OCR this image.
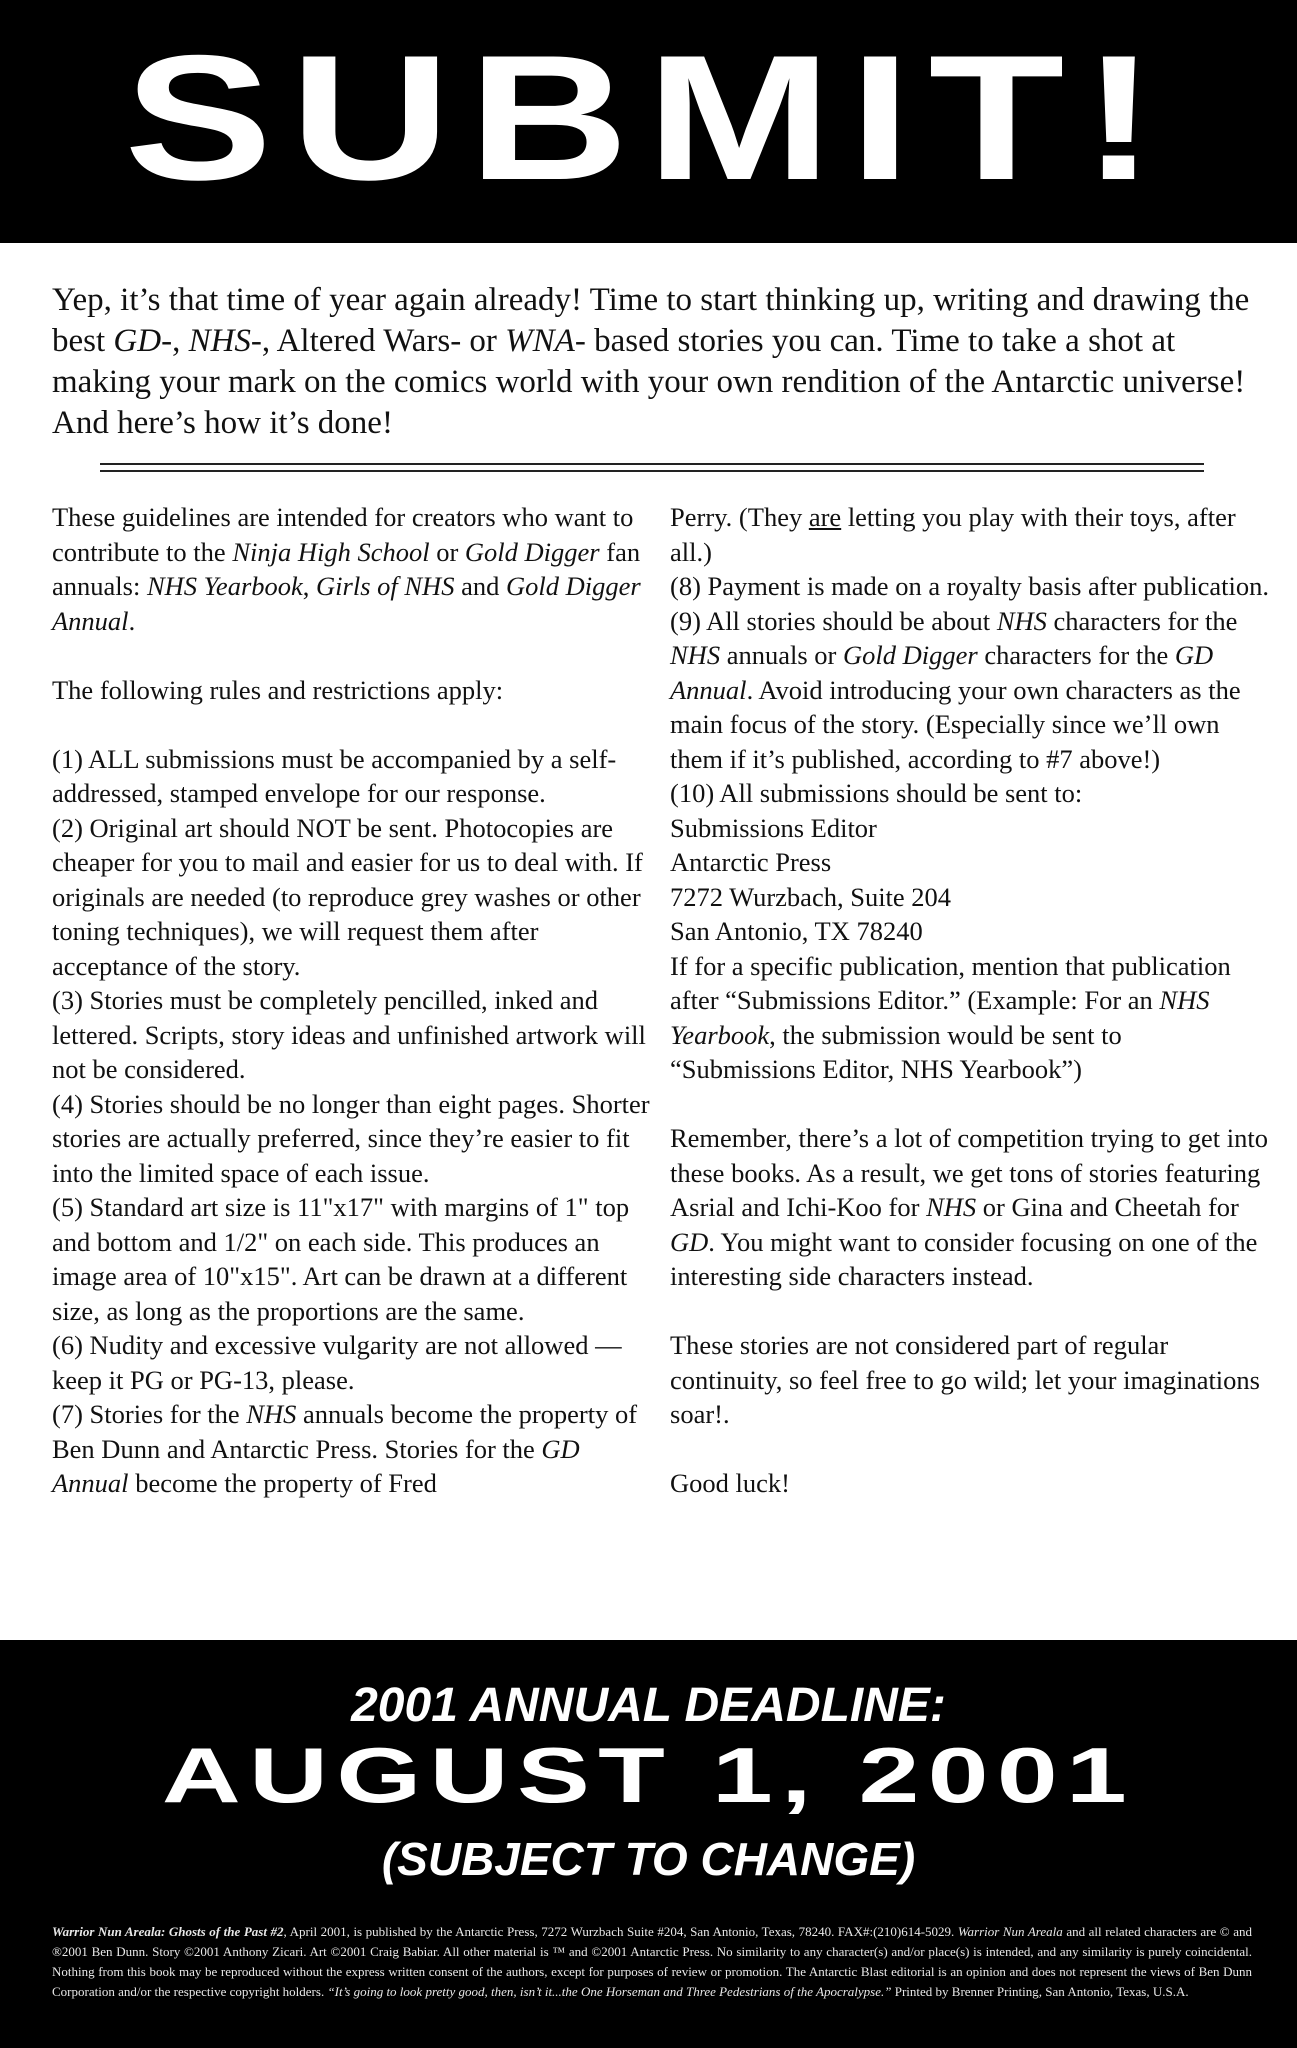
SUBMIT!
Yep, it’s that time of year again already! Time to start thinking up, writing and drawing the best GD-, NHS-, Altered Wars- or WNA- based stories you can. Time to take a shot at making your mark on the comics world with your own rendition of the Antarctic universe! And here’s how it’s done!

These guidelines are intended for creators who want to contribute to the Ninja High School or Gold Digger fan annuals: NHS Yearbook, Girls of NHS and Gold Digger Annual.

The following rules and restrictions apply:

(1) ALL submissions must be accompanied by a self-addressed, stamped envelope for our response.

(2) Original art should NOT be sent. Photocopies are cheaper for you to mail and easier for us to deal with. If originals are needed (to reproduce grey washes or other toning techniques), we will request them after acceptance of the story.

(3) Stories must be completely pencilled, inked and lettered. Scripts, story ideas and unfinished artwork will not be considered.

(4) Stories should be no longer than eight pages. Shorter stories are actually preferred, since they’re easier to fit into the limited space of each issue.

(5) Standard art size is 11"x17" with margins of 1" top and bottom and 1/2" on each side. This produces an image area of 10"x15". Art can be drawn at a different size, as long as the proportions are the same.

(6) Nudity and excessive vulgarity are not allowed — keep it PG or PG-13, please.

(7) Stories for the NHS annuals become the property of Ben Dunn and Antarctic Press. Stories for the GD Annual become the property of Fred

Perry. (They are letting you play with their toys, after all.)

(8) Payment is made on a royalty basis after publication.

(9) All stories should be about NHS characters for the NHS annuals or Gold Digger characters for the GD Annual. Avoid introducing your own characters as the main focus of the story. (Especially since we’ll own them if it’s published, according to #7 above!)

(10) All submissions should be sent to:

Submissions Editor

Antarctic Press

7272 Wurzbach, Suite 204

San Antonio, TX 78240

If for a specific publication, mention that publication after “Submissions Editor.” (Example: For an NHS Yearbook, the submission would be sent to “Submissions Editor, NHS Yearbook”)

Remember, there’s a lot of competition trying to get into these books. As a result, we get tons of stories featuring Asrial and Ichi-Koo for NHS or Gina and Cheetah for GD. You might want to consider focusing on one of the interesting side characters instead.

These stories are not considered part of regular continuity, so feel free to go wild; let your imaginations soar!.

Good luck!

2001 ANNUAL DEADLINE:
AUGUST 1, 2001
(SUBJECT TO CHANGE)
Warrior Nun Areala: Ghosts of the Past #2, April 2001, is published by the Antarctic Press, 7272 Wurzbach Suite #204, San Antonio, Texas, 78240. FAX#:(210)614-5029. Warrior Nun Areala and all related characters are © and ®2001 Ben Dunn. Story ©2001 Anthony Zicari. Art ©2001 Craig Babiar. All other material is ™ and ©2001 Antarctic Press. No similarity to any character(s) and/or place(s) is intended, and any similarity is purely coincidental. Nothing from this book may be reproduced without the express written consent of the authors, except for purposes of review or promotion. The Antarctic Blast editorial is an opinion and does not represent the views of Ben Dunn Corporation and/or the respective copyright holders. “It’s going to look pretty good, then, isn’t it...the One Horseman and Three Pedestrians of the Apocralypse.” Printed by Brenner Printing, San Antonio, Texas, U.S.A.
